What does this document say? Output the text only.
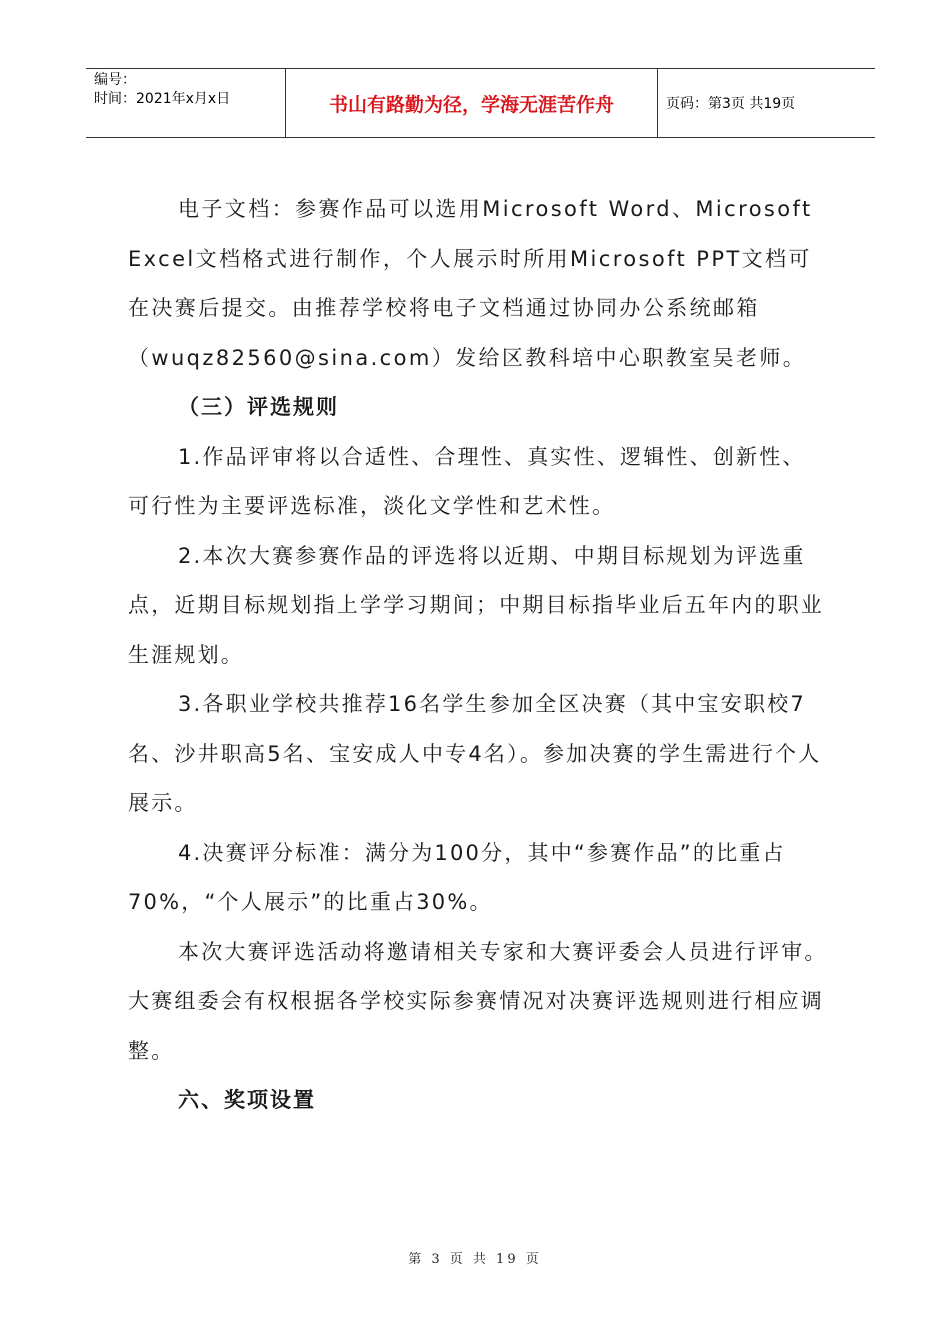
编号：
时间：2021年x月x日	书山有路勤为径，学海无涯苦作舟	页码：第3页 共19页

电子文档：参赛作品可以选用Microsoft Word、Microsoft Excel文档格式进行制作，个人展示时所用Microsoft PPT文档可在决赛后提交。由推荐学校将电子文档通过协同办公系统邮箱（wuqz82560@sina.com）发给区教科培中心职教室吴老师。

（三）评选规则

1.作品评审将以合适性、合理性、真实性、逻辑性、创新性、可行性为主要评选标准，淡化文学性和艺术性。

2.本次大赛参赛作品的评选将以近期、中期目标规划为评选重点，近期目标规划指上学学习期间；中期目标指毕业后五年内的职业生涯规划。

3.各职业学校共推荐16名学生参加全区决赛（其中宝安职校7名、沙井职高5名、宝安成人中专4名）。参加决赛的学生需进行个人展示。

4.决赛评分标准：满分为100分，其中“参赛作品”的比重占70%，“个人展示”的比重占30%。

本次大赛评选活动将邀请相关专家和大赛评委会人员进行评审。大赛组委会有权根据各学校实际参赛情况对决赛评选规则进行相应调整。

六、奖项设置

第 3 页 共 19 页
